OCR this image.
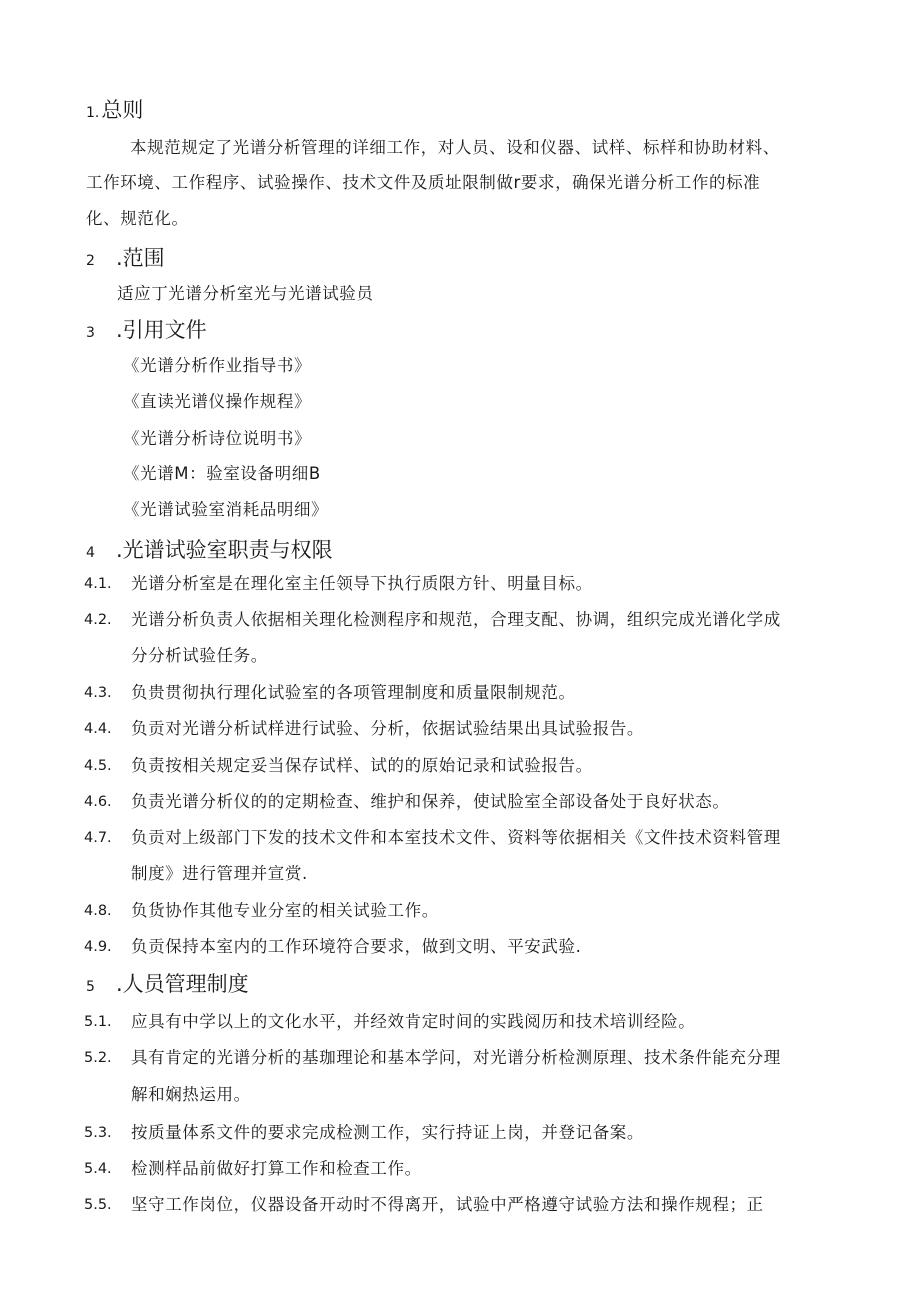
1.总则
本规范规定了光谱分析管理的详细工作，对人员、设和仪器、试样、标样和协助材料、
工作环境、工作程序、试验操作、技术文件及质址限制做r要求，确保光谱分析工作的标准
化、规范化。
2 .范围
适应丁光谱分析室光与光谱试验员
3 .引用文件
《光谱分析作业指导书》
《直读光谱仪操作规程》
《光谱分析诗位说明书》
《光谱M：验室设备明细B
《光谱试验室消耗品明细》
4 .光谱试验室职责与权限
4.1. 光谱分析室是在理化室主任领导下执行质限方针、明量目标。
4.2. 光谱分析负责人依据相关理化检测程序和规范，合理支配、协调，组织完成光谱化学成
分分析试验任务。
4.3. 负贵贯彻执行理化试验室的各项管理制度和质量限制规范。
4.4. 负贡对光谱分析试样进行试验、分析，依据试验结果出具试验报告。
4.5. 负责按相关规定妥当保存试样、试的的原始记录和试验报告。
4.6. 负责光谱分析仪的的定期检查、维护和保养，使试脸室全部设备处于良好状态。
4.7. 负贡对上级部门下发的技术文件和本室技术文件、资料等依据相关《文件技术资料管理
制度》进行管理并宣赏.
4.8. 负货协作其他专业分室的相关试验工作。
4.9. 负贡保持本室内的工作环境符合要求，做到文明、平安武验.
5 .人员管理制度
5.1. 应具有中学以上的文化水平，并经效肯定时间的实践阅历和技术培训经险。
5.2. 具有肯定的光谱分析的基珈理论和基本学问，对光谱分析检测原理、技术条件能充分理
解和娴热运用。
5.3. 按质量体系文件的要求完成检测工作，实行持证上岗，并登记备案。
5.4. 检测样品前做好打算工作和检查工作。
5.5. 坚守工作岗位，仪器设备开动时不得离开，试验中严格遵守试验方法和操作规程；正
